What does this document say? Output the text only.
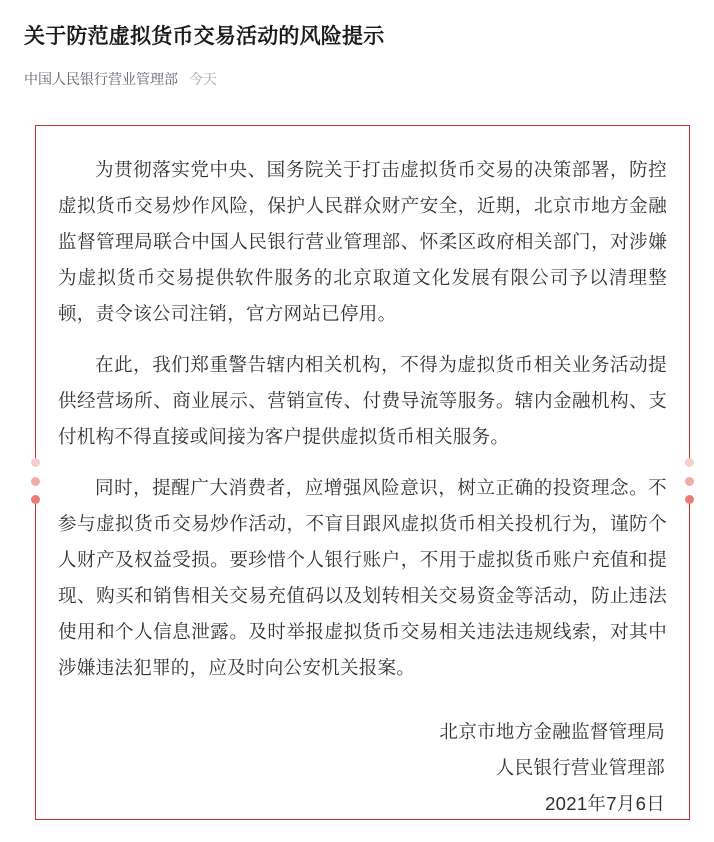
关于防范虚拟货币交易活动的风险提示
中国人民银行营业管理部 今天

为贯彻落实党中央、国务院关于打击虚拟货币交易的决策部署，防控虚拟货币交易炒作风险，保护人民群众财产安全，近期，北京市地方金融监督管理局联合中国人民银行营业管理部、怀柔区政府相关部门，对涉嫌为虚拟货币交易提供软件服务的北京取道文化发展有限公司予以清理整顿，责令该公司注销，官方网站已停用。

在此，我们郑重警告辖内相关机构，不得为虚拟货币相关业务活动提供经营场所、商业展示、营销宣传、付费导流等服务。辖内金融机构、支付机构不得直接或间接为客户提供虚拟货币相关服务。

同时，提醒广大消费者，应增强风险意识，树立正确的投资理念。不参与虚拟货币交易炒作活动，不盲目跟风虚拟货币相关投机行为，谨防个人财产及权益受损。要珍惜个人银行账户，不用于虚拟货币账户充值和提现、购买和销售相关交易充值码以及划转相关交易资金等活动，防止违法使用和个人信息泄露。及时举报虚拟货币交易相关违法违规线索，对其中涉嫌违法犯罪的，应及时向公安机关报案。

北京市地方金融监督管理局
人民银行营业管理部
2021年7月6日
